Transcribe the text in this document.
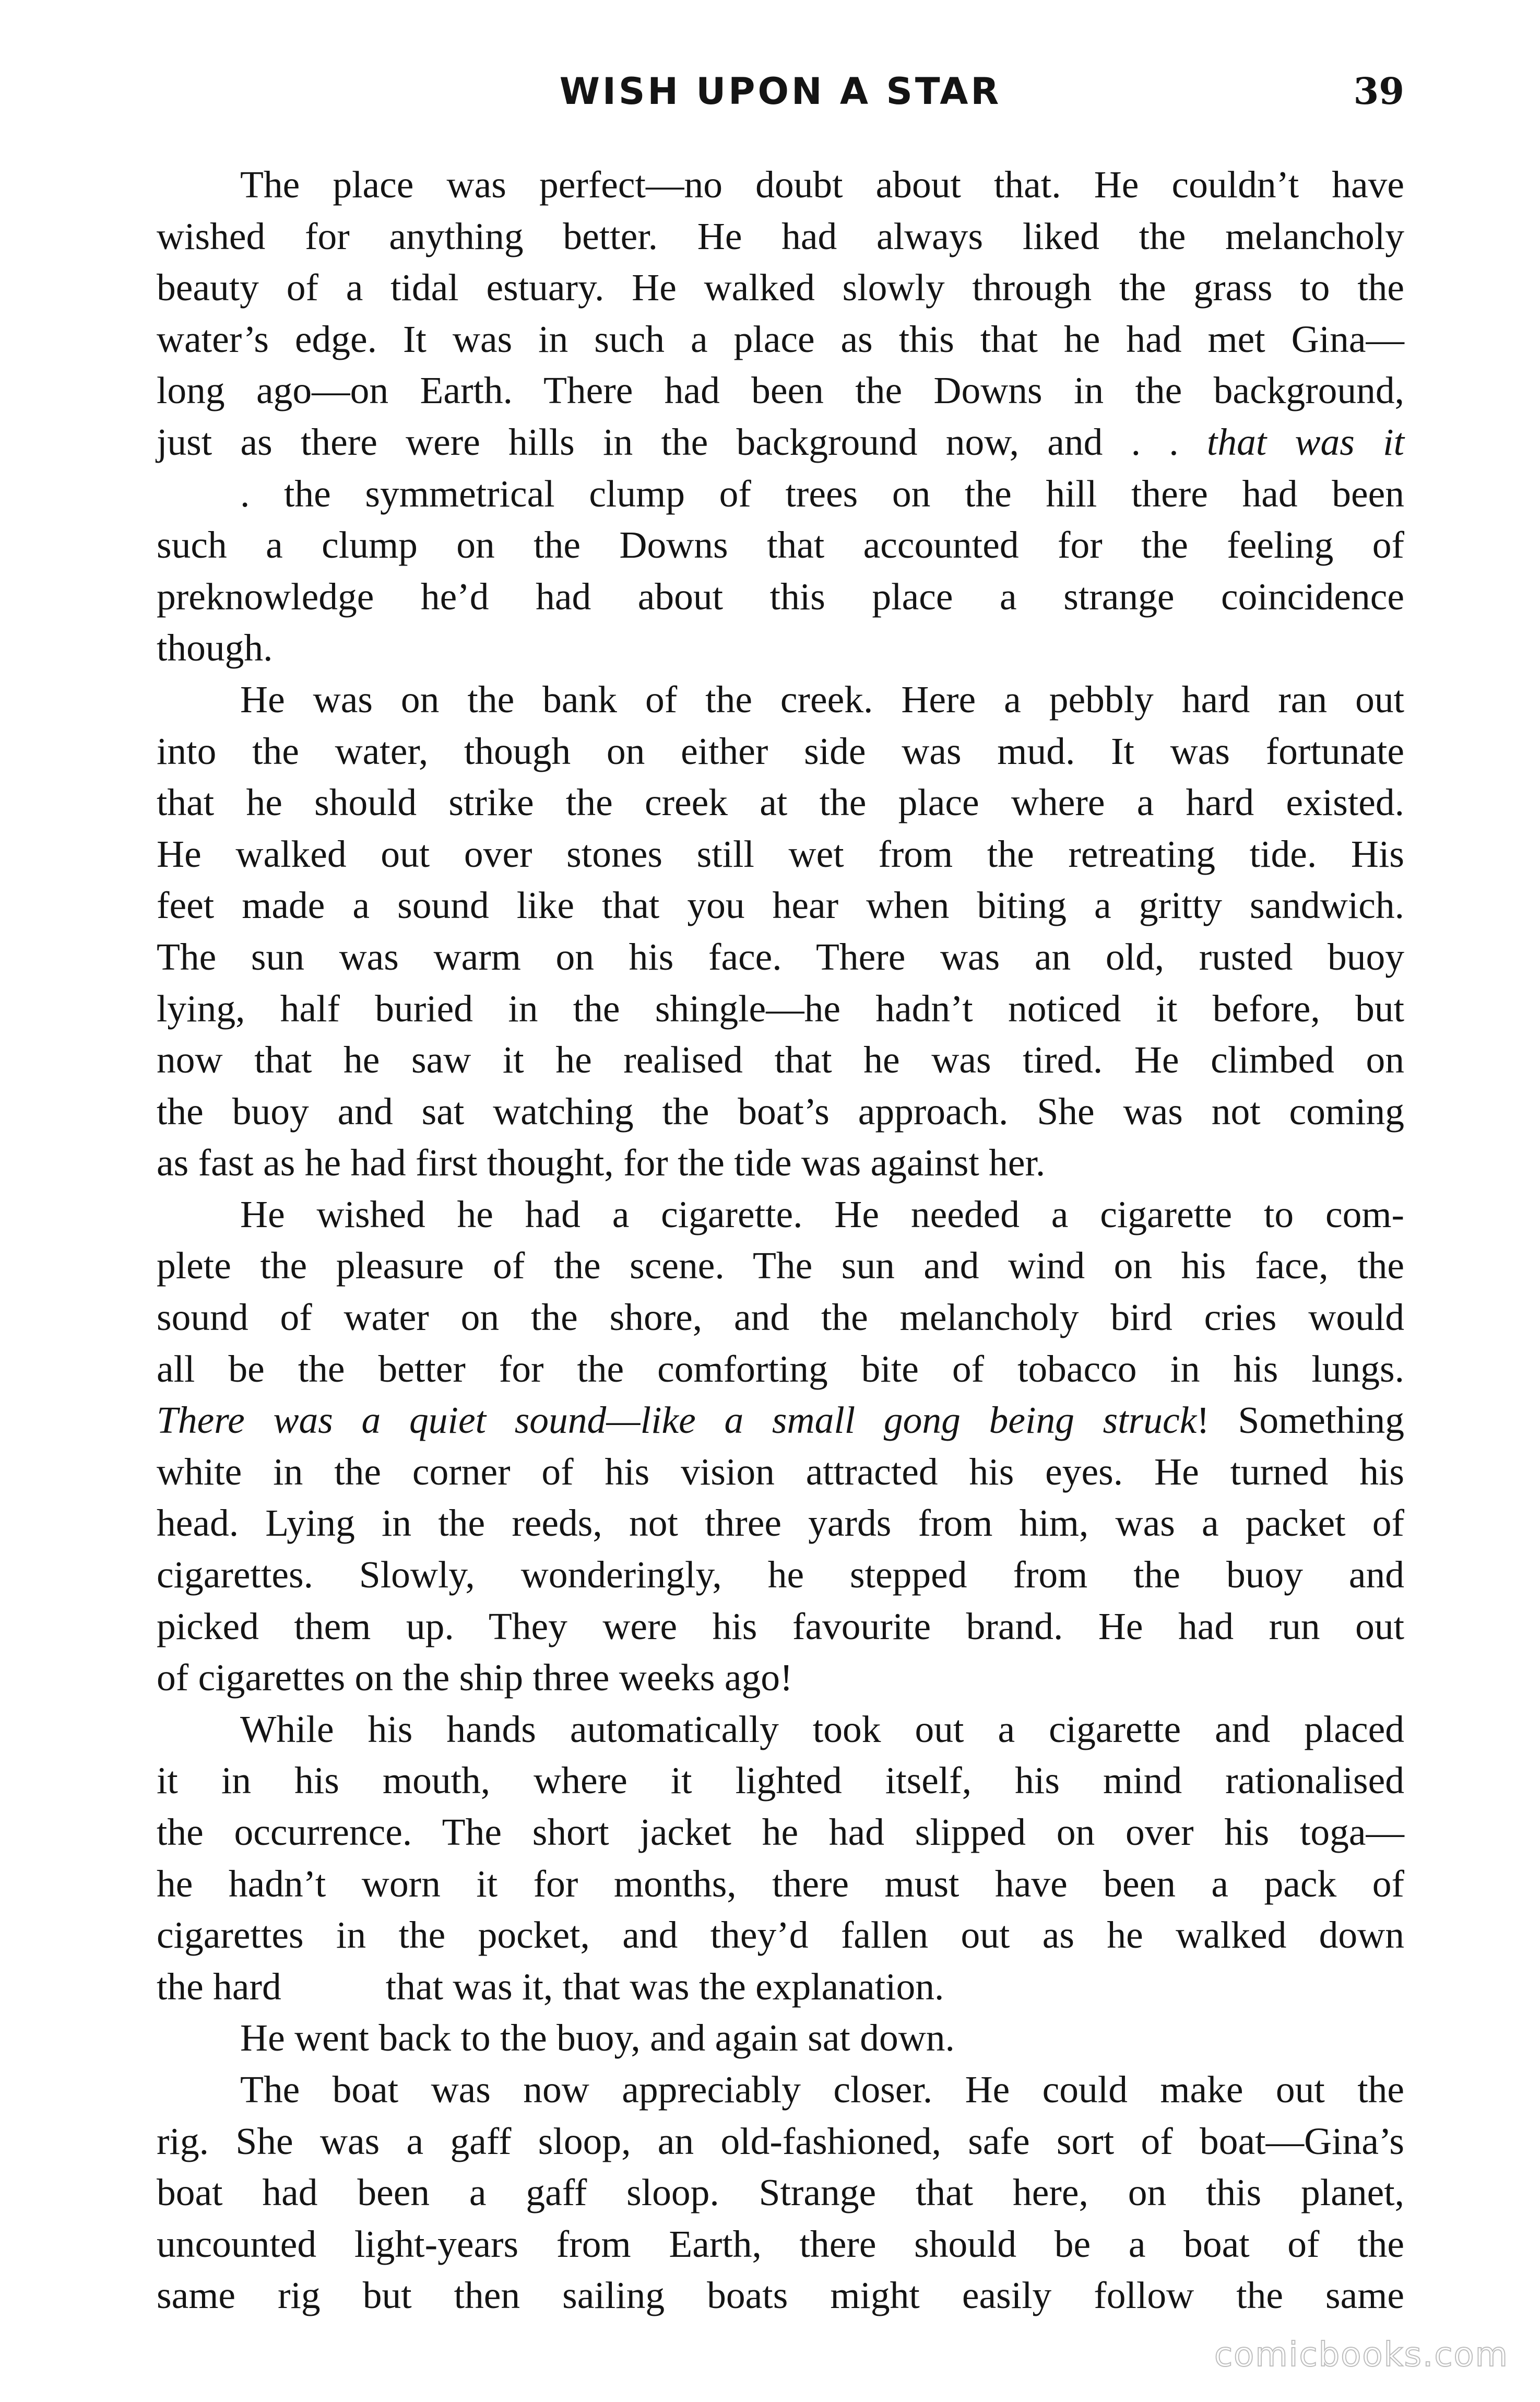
WISH UPON A STAR	39
The place was perfect—no doubt about that. He couldn’t have
wished for anything better. He had always liked the melancholy
beauty of a tidal estuary. He walked slowly through the grass to the
water’s edge. It was in such a place as this that he had met Gina—
long ago—on Earth. There had been the Downs in the background,
just as there were hills in the background now, and . . that was it
. the symmetrical clump of trees on the hill there had been
such a clump on the Downs that accounted for the feeling of
preknowledge he’d had about this place a strange coincidence
though.
He was on the bank of the creek. Here a pebbly hard ran out
into the water, though on either side was mud. It was fortunate
that he should strike the creek at the place where a hard existed.
He walked out over stones still wet from the retreating tide. His
feet made a sound like that you hear when biting a gritty sandwich.
The sun was warm on his face. There was an old, rusted buoy
lying, half buried in the shingle—he hadn’t noticed it before, but
now that he saw it he realised that he was tired. He climbed on
the buoy and sat watching the boat’s approach. She was not coming
as fast as he had first thought, for the tide was against her.
He wished he had a cigarette. He needed a cigarette to com-
plete the pleasure of the scene. The sun and wind on his face, the
sound of water on the shore, and the melancholy bird cries would
all be the better for the comforting bite of tobacco in his lungs.
There was a quiet sound—like a small gong being struck! Something
white in the corner of his vision attracted his eyes. He turned his
head. Lying in the reeds, not three yards from him, was a packet of
cigarettes. Slowly, wonderingly, he stepped from the buoy and
picked them up. They were his favourite brand. He had run out
of cigarettes on the ship three weeks ago!
While his hands automatically took out a cigarette and placed
it in his mouth, where it lighted itself, his mind rationalised
the occurrence. The short jacket he had slipped on over his toga—
he hadn’t worn it for months, there must have been a pack of
cigarettes in the pocket, and they’d fallen out as he walked down
the hard	that was it, that was the explanation.
He went back to the buoy, and again sat down.
The boat was now appreciably closer. He could make out the
rig. She was a gaff sloop, an old-fashioned, safe sort of boat—Gina’s
boat had been a gaff sloop. Strange that here, on this planet,
uncounted light-years from Earth, there should be a boat of the
same rig but then sailing boats might easily follow the same
comicbooks.com
